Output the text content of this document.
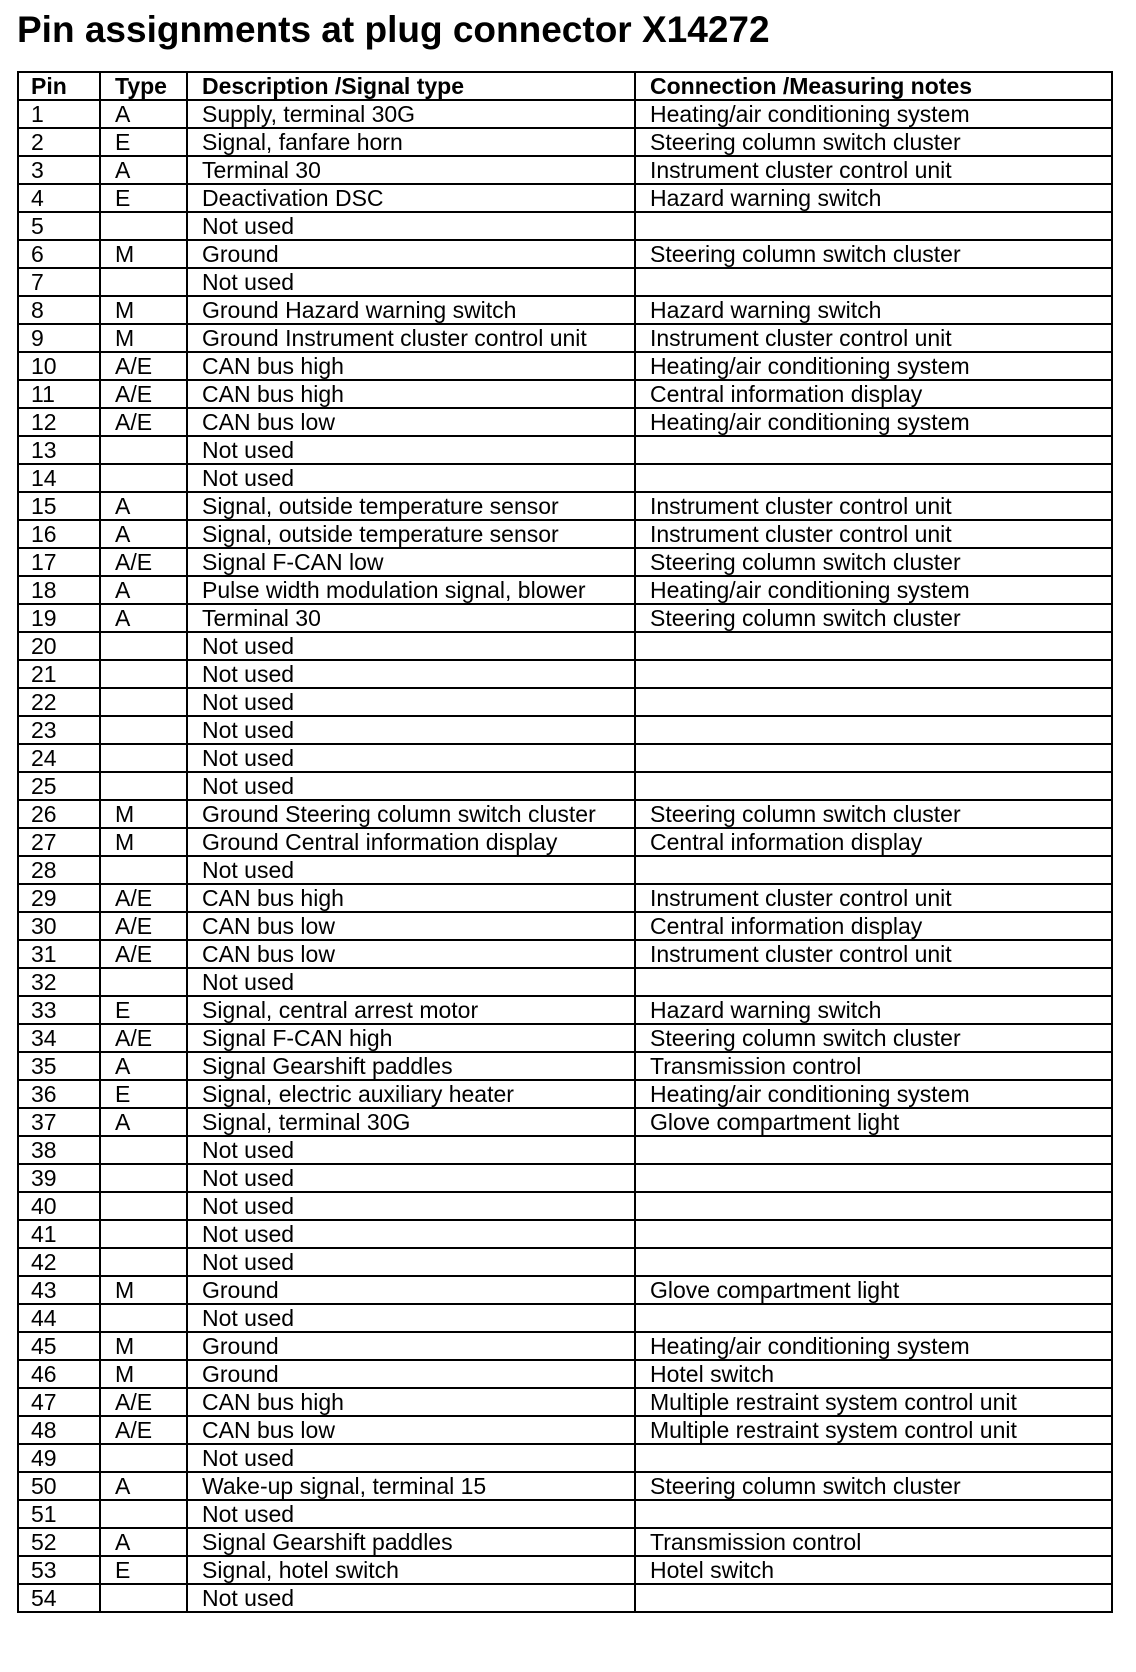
Pin assignments at plug connector X14272
Pin	Type	Description /Signal type	Connection /Measuring notes
1	A	Supply, terminal 30G	Heating/air conditioning system
2	E	Signal, fanfare horn	Steering column switch cluster
3	A	Terminal 30	Instrument cluster control unit
4	E	Deactivation DSC	Hazard warning switch
5		Not used	
6	M	Ground	Steering column switch cluster
7		Not used	
8	M	Ground Hazard warning switch	Hazard warning switch
9	M	Ground Instrument cluster control unit	Instrument cluster control unit
10	A/E	CAN bus high	Heating/air conditioning system
11	A/E	CAN bus high	Central information display
12	A/E	CAN bus low	Heating/air conditioning system
13		Not used	
14		Not used	
15	A	Signal, outside temperature sensor	Instrument cluster control unit
16	A	Signal, outside temperature sensor	Instrument cluster control unit
17	A/E	Signal F-CAN low	Steering column switch cluster
18	A	Pulse width modulation signal, blower	Heating/air conditioning system
19	A	Terminal 30	Steering column switch cluster
20		Not used	
21		Not used	
22		Not used	
23		Not used	
24		Not used	
25		Not used	
26	M	Ground Steering column switch cluster	Steering column switch cluster
27	M	Ground Central information display	Central information display
28		Not used	
29	A/E	CAN bus high	Instrument cluster control unit
30	A/E	CAN bus low	Central information display
31	A/E	CAN bus low	Instrument cluster control unit
32		Not used	
33	E	Signal, central arrest motor	Hazard warning switch
34	A/E	Signal F-CAN high	Steering column switch cluster
35	A	Signal Gearshift paddles	Transmission control
36	E	Signal, electric auxiliary heater	Heating/air conditioning system
37	A	Signal, terminal 30G	Glove compartment light
38		Not used	
39		Not used	
40		Not used	
41		Not used	
42		Not used	
43	M	Ground	Glove compartment light
44		Not used	
45	M	Ground	Heating/air conditioning system
46	M	Ground	Hotel switch
47	A/E	CAN bus high	Multiple restraint system control unit
48	A/E	CAN bus low	Multiple restraint system control unit
49		Not used	
50	A	Wake-up signal, terminal 15	Steering column switch cluster
51		Not used	
52	A	Signal Gearshift paddles	Transmission control
53	E	Signal, hotel switch	Hotel switch
54		Not used	
